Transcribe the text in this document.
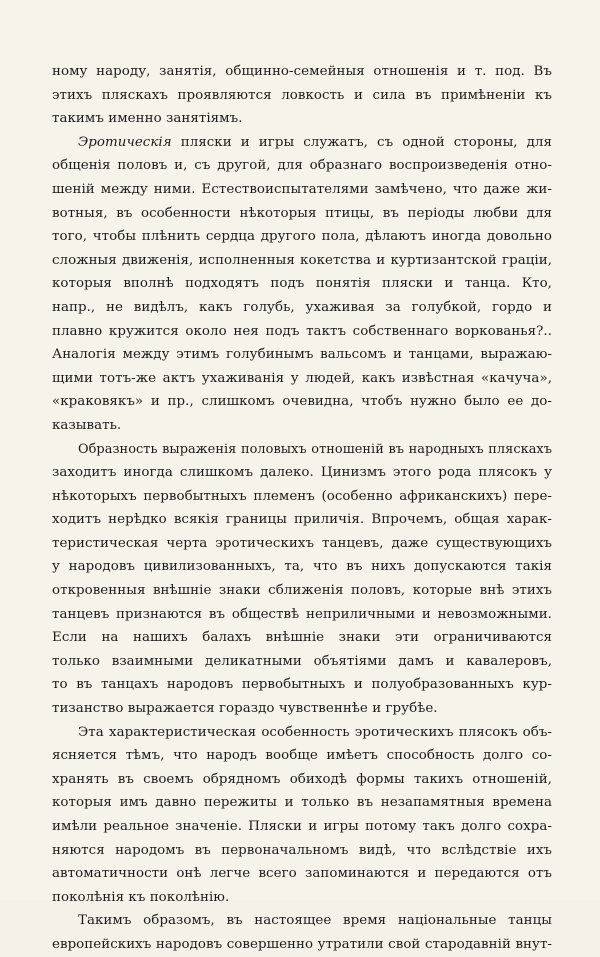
ному народу, занятія, общинно-семейныя отношенія и т. под. Въ
этихъ пляскахъ проявляются ловкость и сила въ примѣненіи къ
такимъ именно занятіямъ.
Эротическія пляски и игры служатъ, съ одной стороны, для
общенія половъ и, съ другой, для образнаго воспроизведенія отно-
шеній между ними. Естествоиспытателями замѣчено, что даже жи-
вотныя, въ особенности нѣкоторыя птицы, въ періоды любви для
того, чтобы плѣнить сердца другого пола, дѣлаютъ иногда довольно
сложныя движенія, исполненныя кокетства и куртизантской граціи,
которыя вполнѣ подходятъ подъ понятія пляски и танца. Кто,
напр., не видѣлъ, какъ голубь, ухаживая за голубкой, гордо и
плавно кружится около нея подъ тактъ собственнаго воркованья?..
Аналогія между этимъ голубинымъ вальсомъ и танцами, выражаю-
щими тотъ-же актъ ухаживанія у людей, какъ извѣстная «качуча»,
«краковякъ» и пр., слишкомъ очевидна, чтобъ нужно было ее до-
казывать.
Образность выраженія половыхъ отношеній въ народныхъ пляскахъ
заходитъ иногда слишкомъ далеко. Цинизмъ этого рода плясокъ у
нѣкоторыхъ первобытныхъ племенъ (особенно африканскихъ) пере-
ходитъ нерѣдко всякія границы приличія. Впрочемъ, общая харак-
теристическая черта эротическихъ танцевъ, даже существующихъ
у народовъ цивилизованныхъ, та, что въ нихъ допускаются такія
откровенныя внѣшніе знаки сближенія половъ, которые внѣ этихъ
танцевъ признаются въ обществѣ неприличными и невозможными.
Если на нашихъ балахъ внѣшніе знаки эти ограничиваются
только взаимными деликатными объятіями дамъ и кавалеровъ,
то въ танцахъ народовъ первобытныхъ и полуобразованныхъ кур-
тизанство выражается гораздо чувственнѣе и грубѣе.
Эта характеристическая особенность эротическихъ плясокъ объ-
ясняется тѣмъ, что народъ вообще имѣетъ способность долго со-
хранять въ своемъ обрядномъ обиходѣ формы такихъ отношеній,
которыя имъ давно пережиты и только въ незапамятныя времена
имѣли реальное значеніе. Пляски и игры потому такъ долго сохра-
няются народомъ въ первоначальномъ видѣ, что вслѣдствіе ихъ
автоматичности онѣ легче всего запоминаются и передаются отъ
поколѣнія къ поколѣнію.
Такимъ образомъ, въ настоящее время національные танцы
европейскихъ народовъ совершенно утратили свой стародавній внут-
